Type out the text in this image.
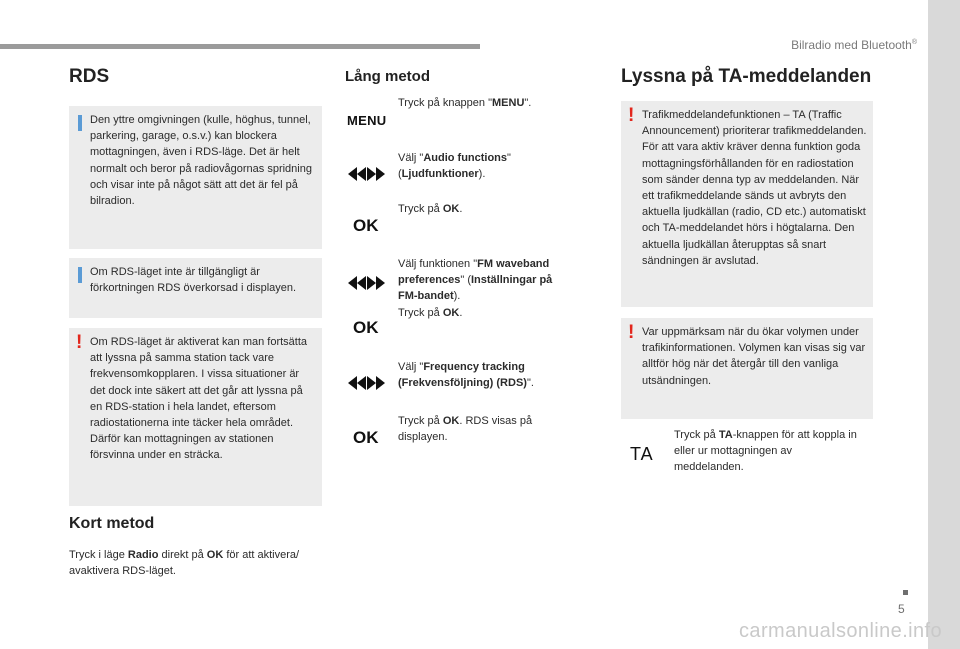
Bilradio med Bluetooth®
RDS
Den yttre omgivningen (kulle, höghus, tunnel, parkering, garage, o.s.v.) kan blockera mottagningen, även i RDS-läge. Det är helt normalt och beror på radiovågornas spridning och visar inte på något sätt att det är fel på bilradion.
Om RDS-läget inte är tillgängligt är förkortningen RDS överkorsad i displayen.
! Om RDS-läget är aktiverat kan man fortsätta att lyssna på samma station tack vare frekvensomkopplaren. I vissa situationer är det dock inte säkert att det går att lyssna på en RDS-station i hela landet, eftersom radiostationerna inte täcker hela området. Därför kan mottagningen av stationen försvinna under en sträcka.
Kort metod
Tryck i läge Radio direkt på OK för att aktivera/ avaktivera RDS-läget.
Lång metod
MENU
Tryck på knappen "MENU".
Välj "Audio functions" (Ljudfunktioner).
OK
Tryck på OK.
Välj funktionen "FM waveband preferences" (Inställningar på FM-bandet).
OK
Tryck på OK.
Välj "Frequency tracking (Frekvensföljning) (RDS)".
OK
Tryck på OK. RDS visas på displayen.
Lyssna på TA-meddelanden
! Trafikmeddelandefunktionen – TA (Traffic Announcement) prioriterar trafikmeddelanden. För att vara aktiv kräver denna funktion goda mottagningsförhållanden för en radiostation som sänder denna typ av meddelanden. När ett trafikmeddelande sänds ut avbryts den aktuella ljudkällan (radio, CD etc.) automatiskt och TA-meddelandet hörs i högtalarna. Den aktuella ljudkällan återupptas så snart sändningen är avslutad.
! Var uppmärksam när du ökar volymen under trafikinformationen. Volymen kan visas sig var alltför hög när det återgår till den vanliga utsändningen.
TA
Tryck på TA-knappen för att koppla in eller ur mottagningen av meddelanden.
5
carmanualsonline.info
